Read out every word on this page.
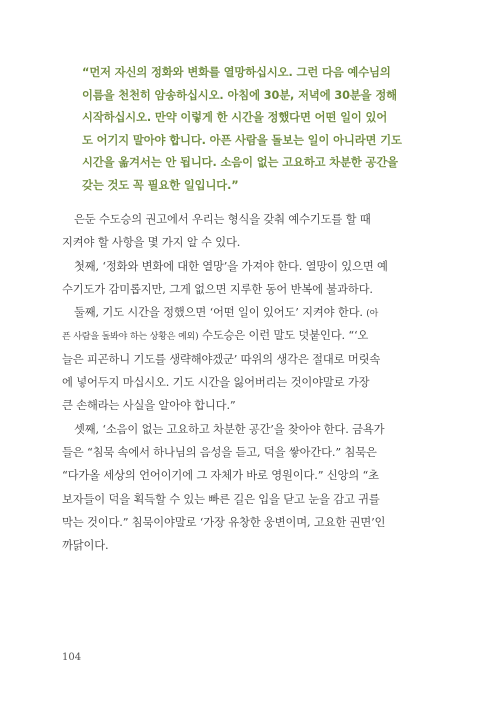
“먼저 자신의 정화와 변화를 열망하십시오. 그런 다음 예수님의
이름을 천천히 암송하십시오. 아침에 30분, 저녁에 30분을 정해
시작하십시오. 만약 이렇게 한 시간을 정했다면 어떤 일이 있어
도 어기지 말아야 합니다. 아픈 사람을 돌보는 일이 아니라면 기도
시간을 옮겨서는 안 됩니다. 소음이 없는 고요하고 차분한 공간을
갖는 것도 꼭 필요한 일입니다.”
은둔 수도승의 권고에서 우리는 형식을 갖춰 예수기도를 할 때
지켜야 할 사항을 몇 가지 알 수 있다.
첫째, ‘정화와 변화에 대한 열망’을 가져야 한다. 열망이 있으면 예
수기도가 감미롭지만, 그게 없으면 지루한 동어 반복에 불과하다.
둘째, 기도 시간을 정했으면 ‘어떤 일이 있어도’ 지켜야 한다. (아
픈 사람을 돌봐야 하는 상황은 예외) 수도승은 이런 말도 덧붙인다. “‘오
늘은 피곤하니 기도를 생략해야겠군’ 따위의 생각은 절대로 머릿속
에 넣어두지 마십시오. 기도 시간을 잃어버리는 것이야말로 가장
큰 손해라는 사실을 알아야 합니다.”
셋째, ‘소음이 없는 고요하고 차분한 공간’을 찾아야 한다. 금욕가
들은 “침묵 속에서 하나님의 음성을 듣고, 덕을 쌓아간다.” 침묵은
“다가올 세상의 언어이기에 그 자체가 바로 영원이다.” 신앙의 “초
보자들이 덕을 획득할 수 있는 빠른 길은 입을 닫고 눈을 감고 귀를
막는 것이다.” 침묵이야말로 ‘가장 유창한 웅변이며, 고요한 권면’인
까닭이다.
104
